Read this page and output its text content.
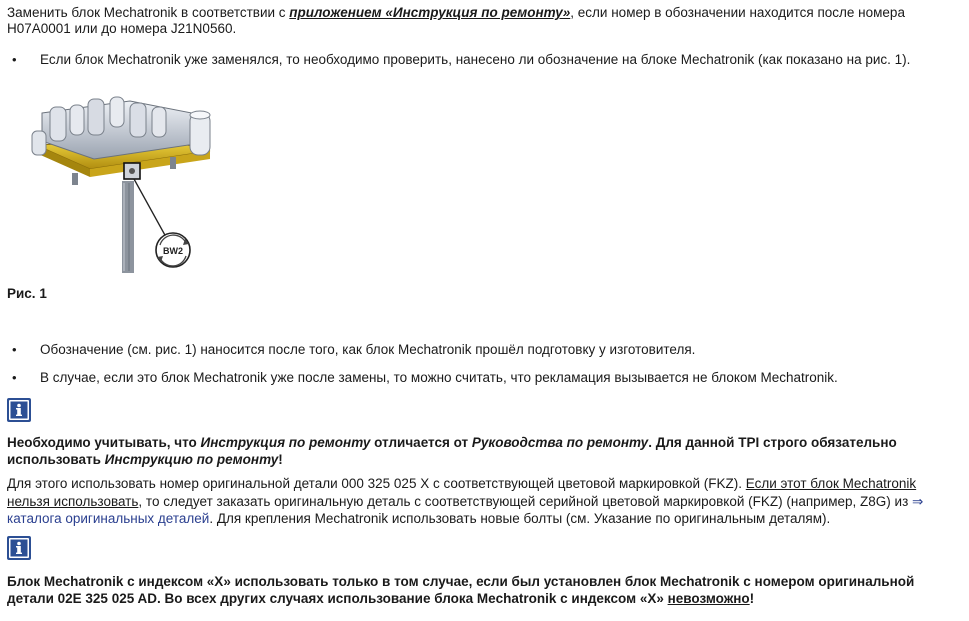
Заменить блок Mechatronik в соответствии с приложением «Инструкция по ремонту», если номер в обозначении находится после номера H07A0001 или до номера J21N0560.
• Если блок Mechatronik уже заменялся, то необходимо проверить, нанесено ли обозначение на блоке Mechatronik (как показано на рис. 1).
BW2
Рис. 1
• Обозначение (см. рис. 1) наносится после того, как блок Mechatronik прошёл подготовку у изготовителя.
• В случае, если это блок Mechatronik уже после замены, то можно считать, что рекламация вызывается не блоком Mechatronik.
Необходимо учитывать, что Инструкция по ремонту отличается от Руководства по ремонту. Для данной TPI строго обязательно использовать Инструкцию по ремонту!
Для этого использовать номер оригинальной детали 000 325 025 X с соответствующей цветовой маркировкой (FKZ). Если этот блок Mechatronik нельзя использовать, то следует заказать оригинальную деталь с соответствующей серийной цветовой маркировкой (FKZ) (например, Z8G) из ⇒ каталога оригинальных деталей. Для крепления Mechatronik использовать новые болты (см. Указание по оригинальным деталям).
Блок Mechatronik с индексом «X» использовать только в том случае, если был установлен блок Mechatronik с номером оригинальной детали 02E 325 025 AD. Во всех других случаях использование блока Mechatronik с индексом «X» невозможно!
